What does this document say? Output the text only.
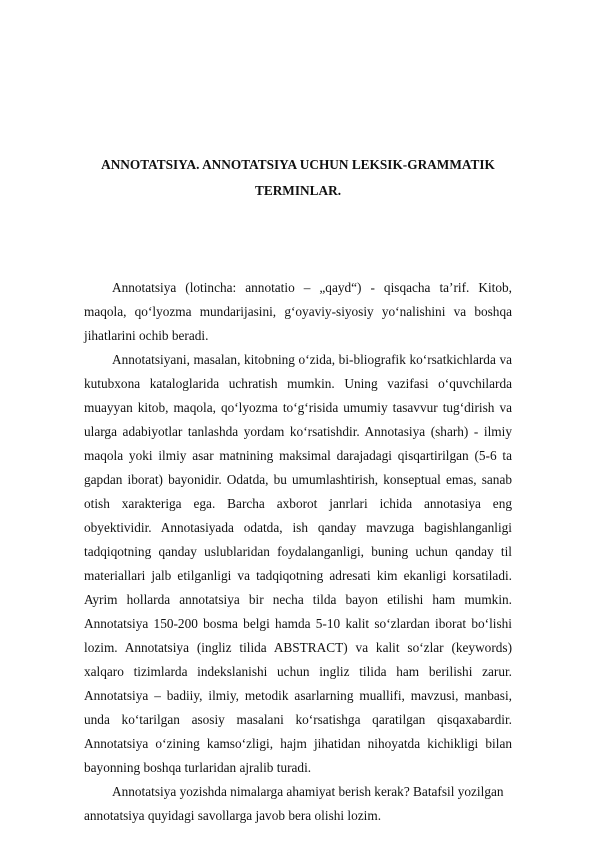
ANNOTATSIYA. ANNOTATSIYA UCHUN LEKSIK-GRAMMATIK

TERMINLAR.

Annotatsiya (lotincha: annotatio – „qayd“) - qisqacha ta’rif. Kitob, maqola, qo‘lyozma mundarijasini, g‘oyaviy-siyosiy yo‘nalishini va boshqa jihatlarini ochib beradi.

Annotatsiyani, masalan, kitobning o‘zida, bi-bliografik ko‘rsatkichlarda va kutubxona kataloglarida uchratish mumkin. Uning vazifasi o‘quvchilarda muayyan kitob, maqola, qo‘lyozma to‘g‘risida umumiy tasavvur tug‘dirish va ularga adabiyotlar tanlashda yordam ko‘rsatishdir. Annotasiya (sharh) - ilmiy maqola yoki ilmiy asar matnining maksimal darajadagi qisqartirilgan (5-6 ta gapdan iborat) bayonidir. Odatda, bu umumlashtirish, konseptual emas, sanab otish xarakteriga ega. Barcha axborot janrlari ichida annotasiya eng obyektividir. Annotasiyada odatda, ish qanday mavzuga bagishlanganligi tadqiqotning qanday uslublaridan foydalanganligi, buning uchun qanday til materiallari jalb etilganligi va tadqiqotning adresati kim ekanligi korsatiladi. Ayrim hollarda annotatsiya bir necha tilda bayon etilishi ham mumkin. Annotatsiya 150-200 bosma belgi hamda 5-10 kalit so‘zlardan iborat bo‘lishi lozim. Annotatsiya (ingliz tilida ABSTRACT) va kalit so‘zlar (keywords) xalqaro tizimlarda indekslanishi uchun ingliz tilida ham berilishi zarur. Annotatsiya – badiiy, ilmiy, metodik asarlarning muallifi, mavzusi, manbasi, unda ko‘tarilgan asosiy masalani ko‘rsatishga qaratilgan qisqaxabardir. Annotatsiya o‘zining kamso‘zligi, hajm jihatidan nihoyatda kichikligi bilan bayonning boshqa turlaridan ajralib turadi.

Annotatsiya yozishda nimalarga ahamiyat berish kerak? Batafsil yozilgan annotatsiya quyidagi savollarga javob bera olishi lozim.
